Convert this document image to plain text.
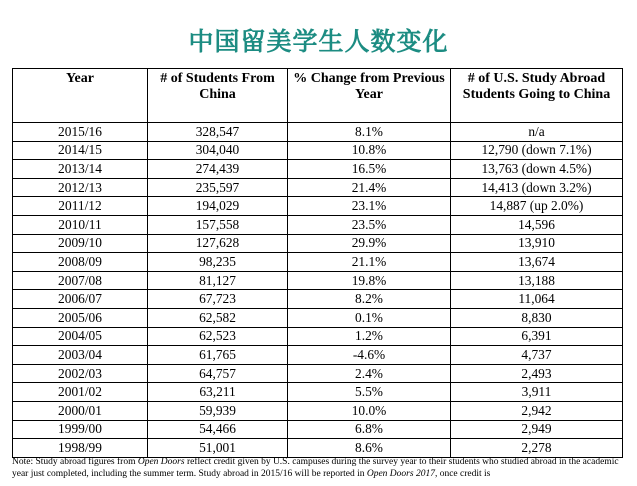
中国留美学生人数变化
Year	# of Students From China	% Change from Previous Year	# of U.S. Study Abroad Students Going to China
2015/16	328,547	8.1%	n/a
2014/15	304,040	10.8%	12,790 (down 7.1%)
2013/14	274,439	16.5%	13,763 (down 4.5%)
2012/13	235,597	21.4%	14,413 (down 3.2%)
2011/12	194,029	23.1%	14,887 (up 2.0%)
2010/11	157,558	23.5%	14,596
2009/10	127,628	29.9%	13,910
2008/09	98,235	21.1%	13,674
2007/08	81,127	19.8%	13,188
2006/07	67,723	8.2%	11,064
2005/06	62,582	0.1%	8,830
2004/05	62,523	1.2%	6,391
2003/04	61,765	-4.6%	4,737
2002/03	64,757	2.4%	2,493
2001/02	63,211	5.5%	3,911
2000/01	59,939	10.0%	2,942
1999/00	54,466	6.8%	2,949
1998/99	51,001	8.6%	2,278
Note: Study abroad figures from Open Doors reflect credit given by U.S. campuses during the survey year to their students who studied abroad in the academic year just completed, including the summer term. Study abroad in 2015/16 will be reported in Open Doors 2017, once credit is
